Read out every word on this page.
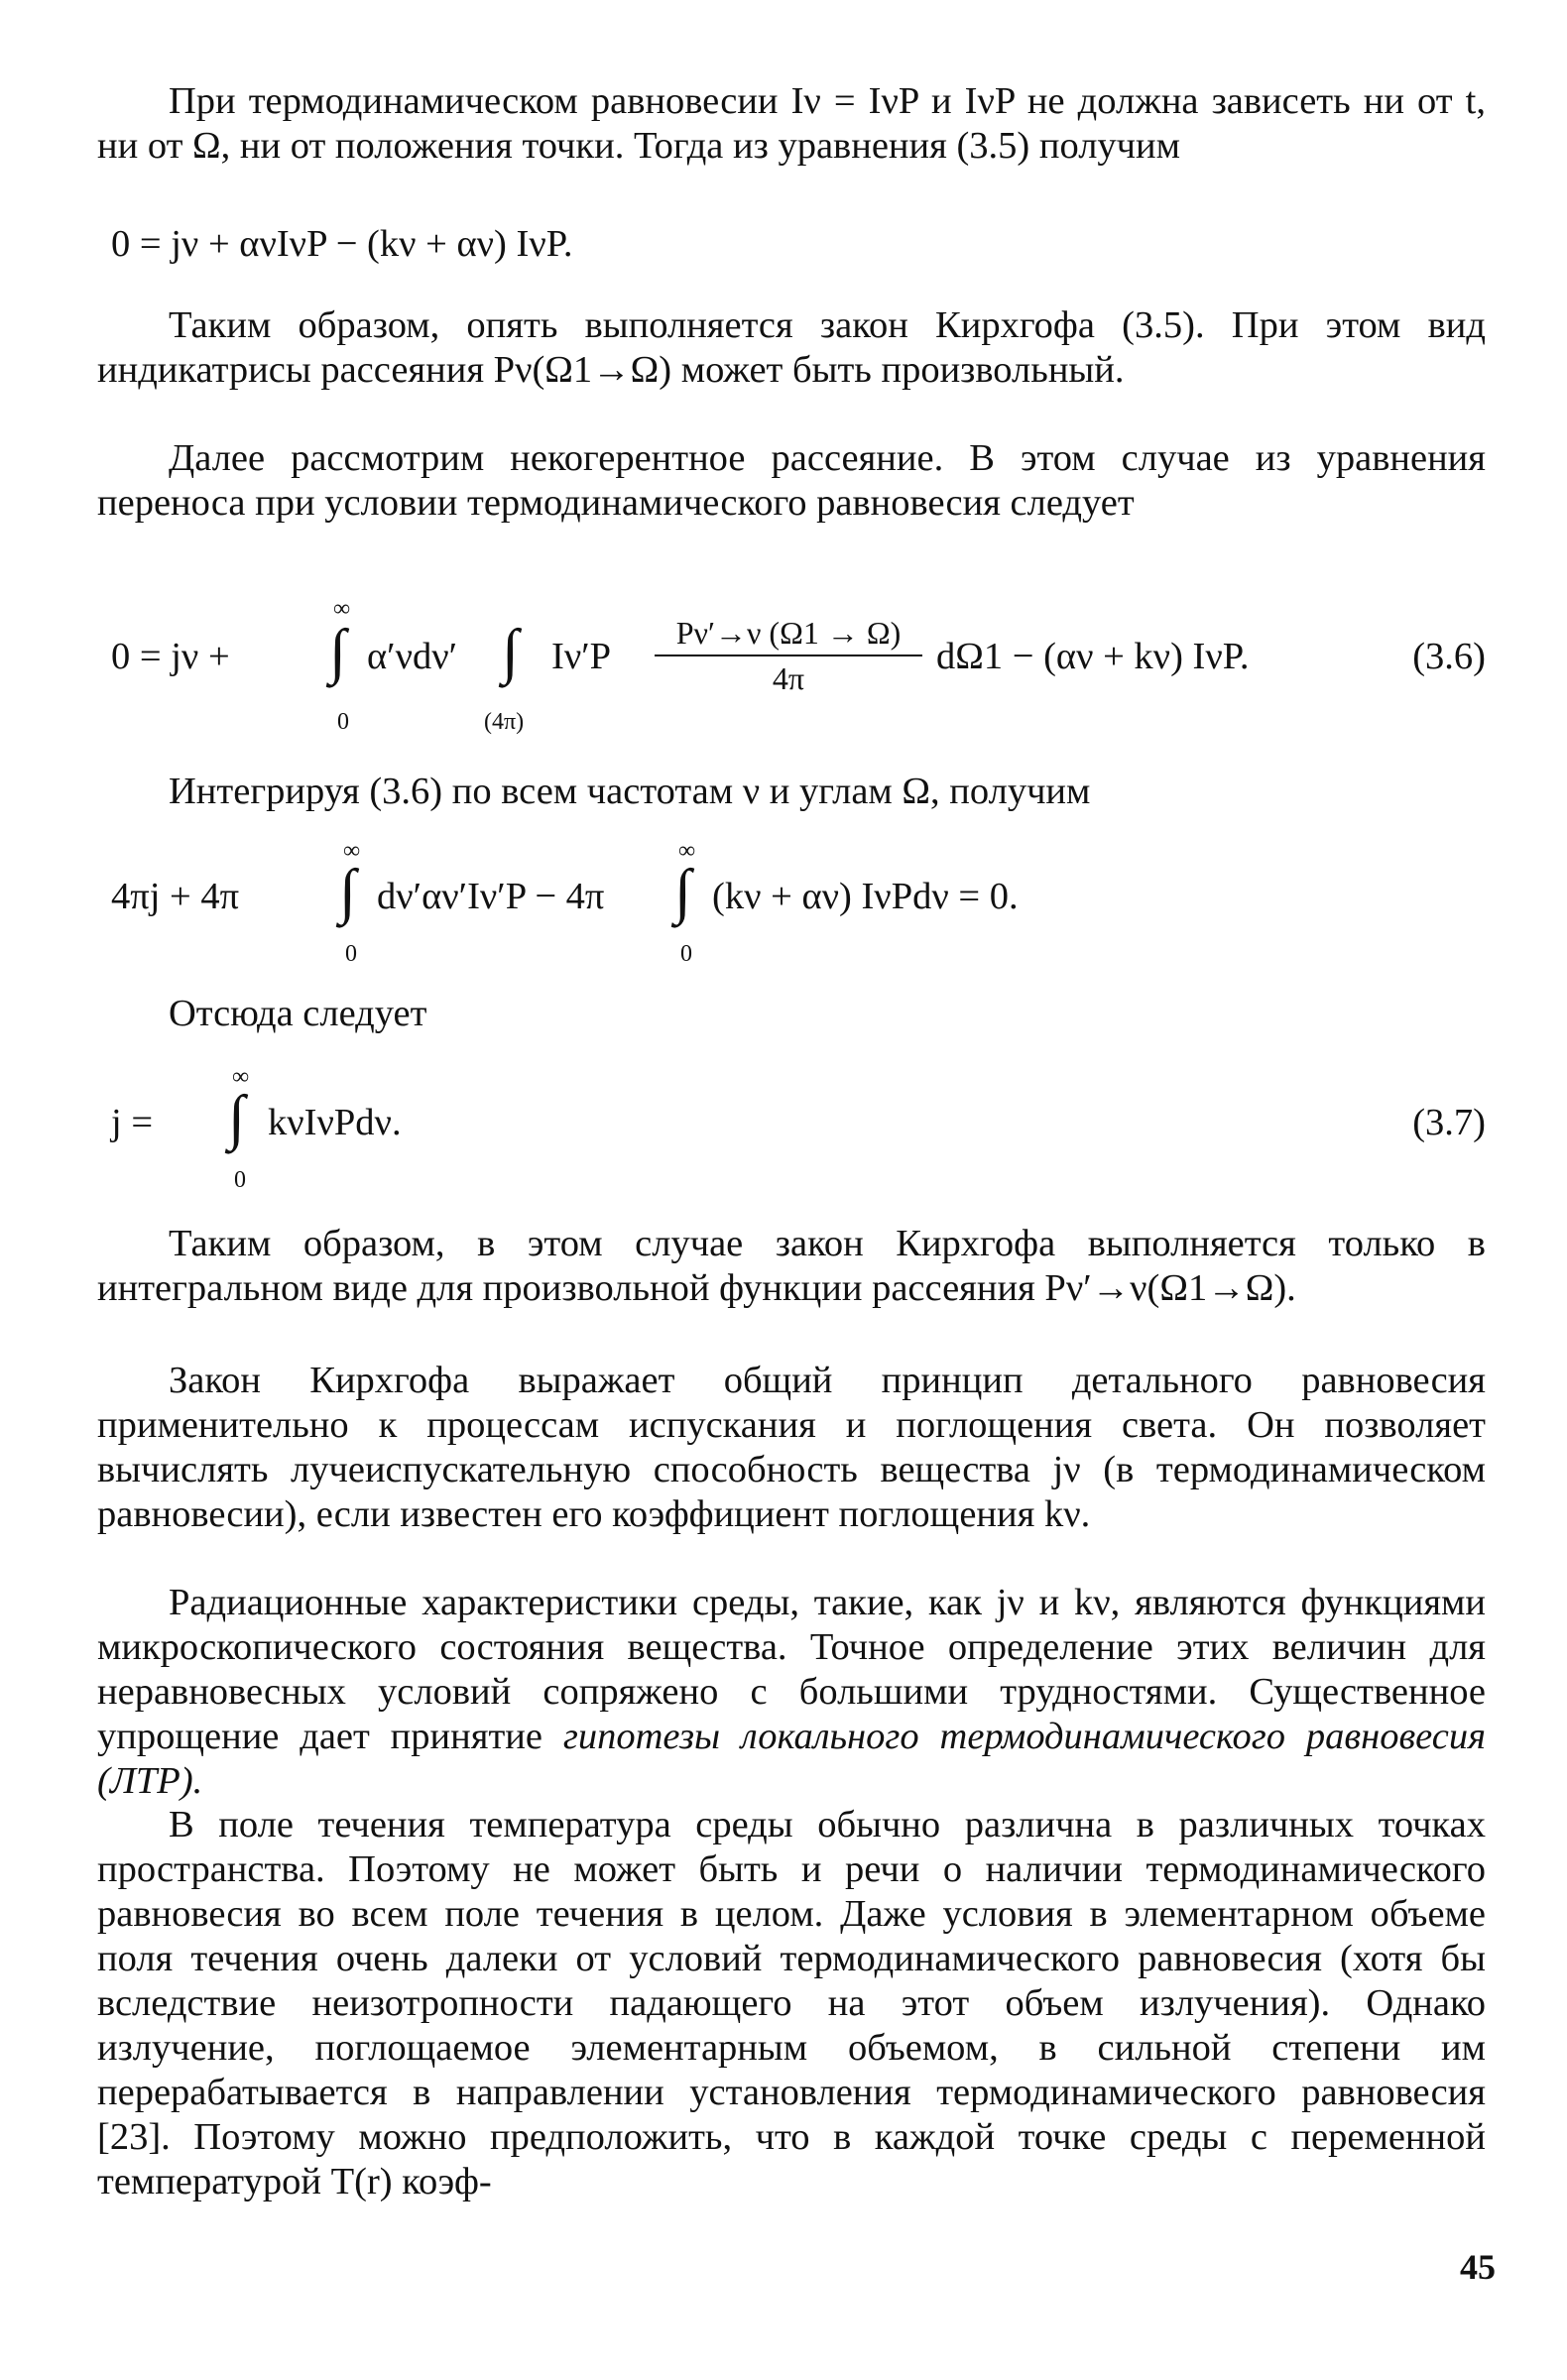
При термодинамическом равновесии Iν = IνP и IνP не должна зависеть ни от t, ни от Ω, ни от положения точки. Тогда из уравнения (3.5) получим

0 = jν + ανIνP − (kν + αν) IνP.

Таким образом, опять выполняется закон Кирхгофа (3.5). При этом вид индикатрисы рассеяния Pν(Ω1→Ω) может быть произвольный.

Далее рассмотрим некогерентное рассеяние. В этом случае из уравнения переноса при условии термодинамического равновесия следует

0 = jν +
∞
∫
0
α′νdν′ ∫
(4π)
Iν′P
Pν′→ν (Ω1 → Ω)
4π
dΩ1 − (αν + kν) IνP.	(3.6)

Интегрируя (3.6) по всем частотам ν и углам Ω, получим

4πj + 4π
∞
∫
0
dν′αν′Iν′P − 4π
∞
∫
0
(kν + αν) IνPdν = 0.

Отсюда следует

j =
∞
∫
0
kνIνPdν.	(3.7)

Таким образом, в этом случае закон Кирхгофа выполняется только в интегральном виде для произвольной функции рассеяния Pν′→ν(Ω1→Ω).

Закон Кирхгофа выражает общий принцип детального равновесия применительно к процессам испускания и поглощения света. Он позволяет вычислять лучеиспускательную способность вещества jν (в термодинамическом равновесии), если известен его коэффициент поглощения kν.

Радиационные характеристики среды, такие, как jν и kν, являются функциями микроскопического состояния вещества. Точное определение этих величин для неравновесных условий сопряжено с большими трудностями. Существенное упрощение дает принятие гипотезы локального термодинамического равновесия (ЛТР).

В поле течения температура среды обычно различна в различных точках пространства. Поэтому не может быть и речи о наличии термодинамического равновесия во всем поле течения в целом. Даже условия в элементарном объеме поля течения очень далеки от условий термодинамического равновесия (хотя бы вследствие неизотропности падающего на этот объем излучения). Однако излучение, поглощаемое элементарным объемом, в сильной степени им перерабатывается в направлении установления термодинамического равновесия [23]. Поэтому можно предположить, что в каждой точке среды с переменной температурой T(r) коэф-

45
